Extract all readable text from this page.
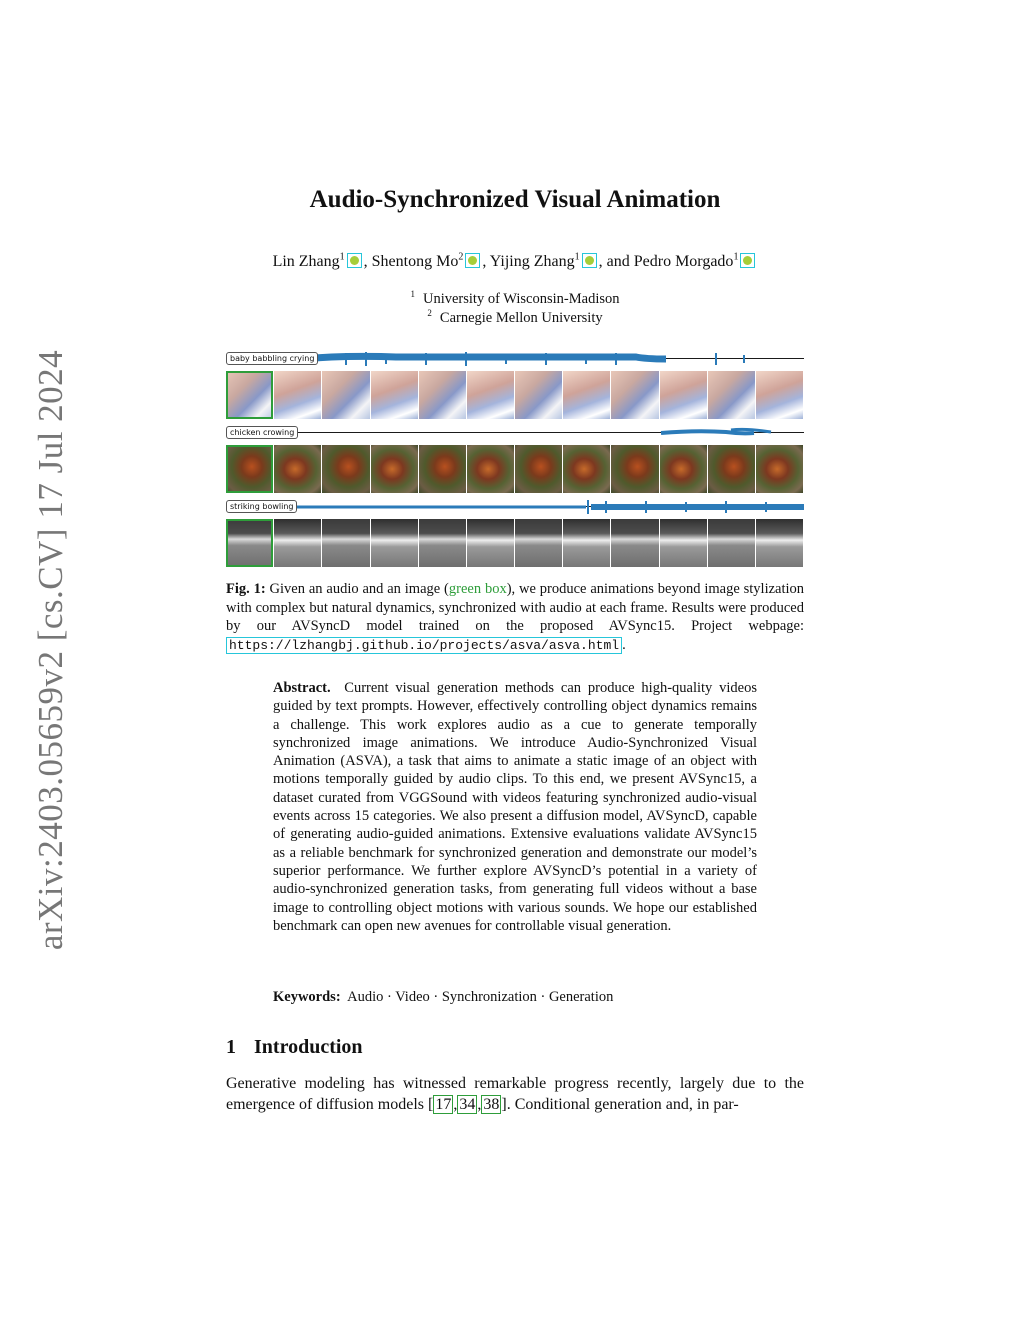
arXiv:2403.05659v2 [cs.CV] 17 Jul 2024
Audio-Synchronized Visual Animation
Lin Zhang$^1$ , Shentong Mo$^2$ , Yijing Zhang$^1$ , and Pedro Morgado$^1$
$^1$ University of Wisconsin-Madison
$^2$ Carnegie Mellon University
baby babbling crying
chicken crowing
striking bowling
Fig. 1: Given an audio and an image (green box), we produce animations beyond image stylization with complex but natural dynamics, synchronized with audio at each frame. Results were produced by our AVSyncD model trained on the proposed AVSync15. Project webpage: https://lzhangbj.github.io/projects/asva/asva.html .
Abstract. Current visual generation methods can produce high-quality videos guided by text prompts. However, effectively controlling object dynamics remains a challenge. This work explores audio as a cue to generate temporally synchronized image animations. We introduce Audio-Synchronized Visual Animation (ASVA), a task that aims to animate a static image of an object with motions temporally guided by audio clips. To this end, we present AVSync15, a dataset curated from VGGSound with videos featuring synchronized audio-visual events across 15 categories. We also present a diffusion model, AVSyncD, capable of generating audio-guided animations. Extensive evaluations validate AVSync15 as a reliable benchmark for synchronized generation and demonstrate our model’s superior performance. We further explore AVSyncD’s potential in a variety of audio-synchronized generation tasks, from generating full videos without a base image to controlling object motions with various sounds. We hope our established benchmark can open new avenues for controllable visual generation.
Keywords: Audio · Video · Synchronization · Generation
1 Introduction
Generative modeling has witnessed remarkable progress recently, largely due to the emergence of diffusion models [ 17 , 34 , 38 ]. Conditional generation and, in par-
